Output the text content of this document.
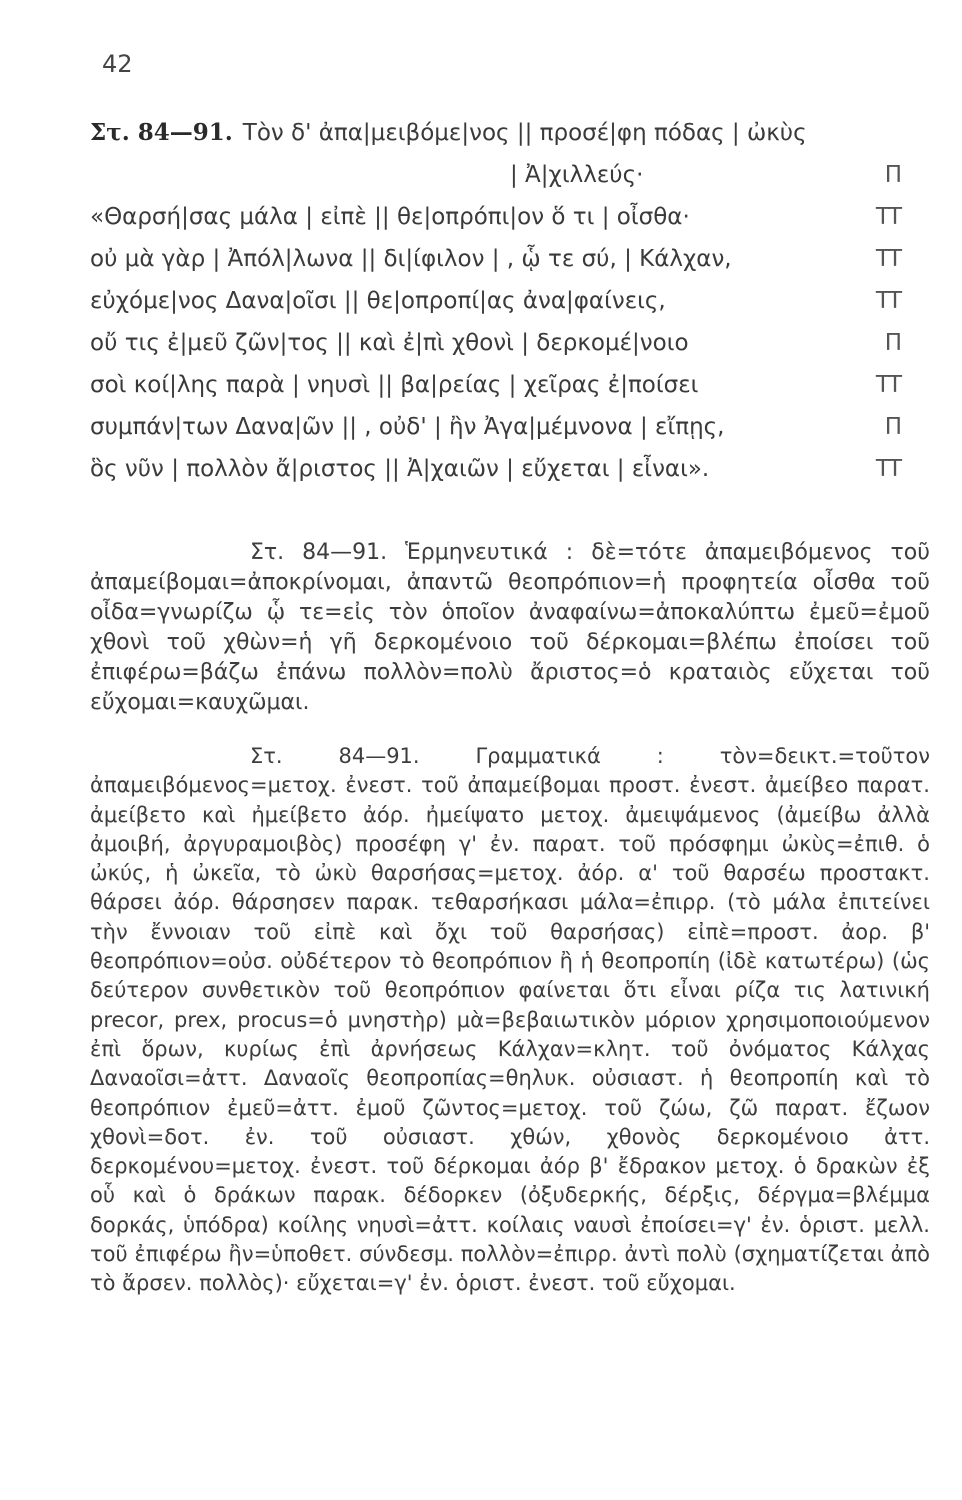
42
Στ. 84—91. Τὸν δ' ἀπα|μειβόμε|νος || προσέ|φη πόδας | ὠκὺς
| Ἀ|χιλλεύς·	Π
«Θαρσή|σας μάλα | εἰπὲ || θε|οπρόπι|ον ὅ τι | οἶσθα·	ΤΤ
οὐ μὰ γὰρ | Ἀπόλ|λωνα || δι|ίφιλον | , ᾧ τε σύ, | Κάλχαν,	ΤΤ
εὐχόμε|νος Δανα|οῖσι || θε|οπροπί|ας ἀνα|φαίνεις,	ΤΤ
οὔ τις ἐ|μεῦ ζῶν|τος || καὶ ἐ|πὶ χθονὶ | δερκομέ|νοιο	Π
σοὶ κοί|λης παρὰ | νηυσὶ || βα|ρείας | χεῖρας ἐ|ποίσει	ΤΤ
συμπάν|των Δανα|ῶν || , οὐδ' | ἢν Ἀγα|μέμνονα | εἴπῃς,	Π
ὃς νῦν | πολλὸν ἄ|ριστος || Ἀ|χαιῶν | εὔχεται | εἶναι».	ΤΤ

Στ. 84—91. Ἑρμηνευτικά : δὲ=τότε ἀπαμειβόμενος τοῦ ἀπαμείβομαι=ἀποκρίνομαι, ἀπαντῶ θεοπρόπιον=ἡ προφητεία οἶσθα τοῦ οἶδα=γνωρίζω ᾧ τε=εἰς τὸν ὁποῖον ἀναφαίνω=ἀποκαλύπτω ἐμεῦ=ἐμοῦ χθονὶ τοῦ χθὼν=ἡ γῆ δερκομένοιο τοῦ δέρκομαι=βλέπω ἐποίσει τοῦ ἐπιφέρω=βάζω ἐπάνω πολλὸν=πολὺ ἄριστος=ὁ κραταιὸς εὔχεται τοῦ εὔχομαι=καυχῶμαι.

Στ. 84—91. Γραμματικά : τὸν=δεικτ.=τοῦτον ἀπαμειβόμενος=μετοχ. ἐνεστ. τοῦ ἀπαμείβομαι προστ. ἐνεστ. ἀμείβεο παρατ. ἀμείβετο καὶ ἠμείβετο ἀόρ. ἠμείψατο μετοχ. ἀμειψάμενος (ἀμείβω ἀλλὰ ἀμοιβή, ἀργυραμοιβὸς) προσέφη γ' ἐν. παρατ. τοῦ πρόσφημι ὠκὺς=ἐπιθ. ὁ ὠκύς, ἡ ὠκεῖα, τὸ ὠκὺ θαρσήσας=μετοχ. ἀόρ. α' τοῦ θαρσέω προστακτ. θάρσει ἀόρ. θάρσησεν παρακ. τεθαρσήκασι μάλα=ἐπιρρ. (τὸ μάλα ἐπιτείνει τὴν ἔννοιαν τοῦ εἰπὲ καὶ ὄχι τοῦ θαρσήσας) εἰπὲ=προστ. ἀορ. β' θεοπρόπιον=οὐσ. οὐδέτερον τὸ θεοπρόπιον ἢ ἡ θεοπροπίη (ἰδὲ κατωτέρω) (ὡς δεύτερον συνθετικὸν τοῦ θεοπρόπιον φαίνεται ὅτι εἶναι ρίζα τις λατινική precor, prex, procus=ὁ μνηστὴρ) μὰ=βεβαιωτικὸν μόριον χρησιμοποιούμενον ἐπὶ ὅρων, κυρίως ἐπὶ ἀρνήσεως Κάλχαν=κλητ. τοῦ ὀνόματος Κάλχας Δαναοῖσι=ἀττ. Δαναοῖς θεοπροπίας=θηλυκ. οὐσιαστ. ἡ θεοπροπίη καὶ τὸ θεοπρόπιον ἐμεῦ=ἀττ. ἐμοῦ ζῶντος=μετοχ. τοῦ ζώω, ζῶ παρατ. ἔζωον χθονὶ=δοτ. ἐν. τοῦ οὐσιαστ. χθών, χθονὸς δερκομένοιο ἀττ. δερκομένου=μετοχ. ἐνεστ. τοῦ δέρκομαι ἀόρ β' ἔδρακον μετοχ. ὁ δρακὼν ἐξ οὗ καὶ ὁ δράκων παρακ. δέδορκεν (ὀξυδερκής, δέρξις, δέργμα=βλέμμα δορκάς, ὑπόδρα) κοίλης νηυσὶ=ἀττ. κοίλαις ναυσὶ ἐποίσει=γ' ἐν. ὁριστ. μελλ. τοῦ ἐπιφέρω ἢν=ὑποθετ. σύνδεσμ. πολλὸν=ἐπιρρ. ἀντὶ πολὺ (σχηματίζεται ἀπὸ τὸ ἄρσεν. πολλὸς)· εὔχεται=γ' ἐν. ὁριστ. ἐνεστ. τοῦ εὔχομαι.
